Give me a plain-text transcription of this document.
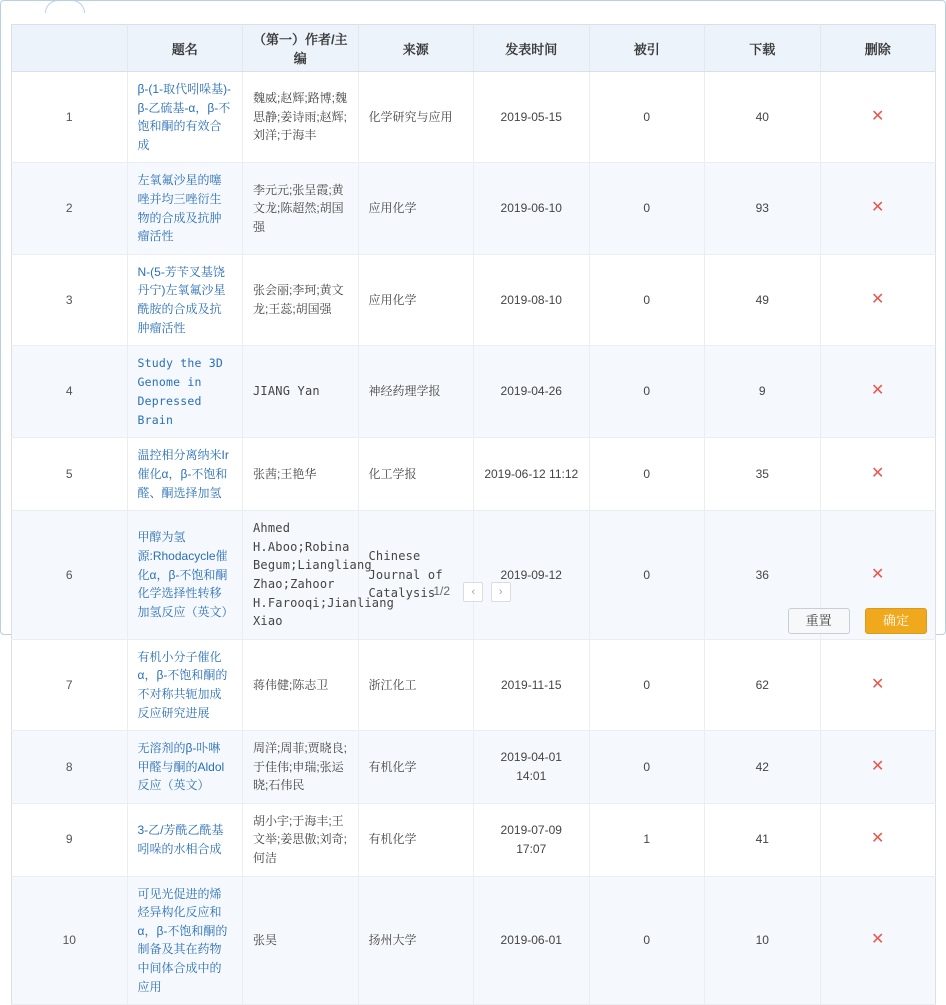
	题名	（第一）作者/主编	来源	发表时间	被引	下载	删除
1	β-(1-取代吲哚基)-β-乙硫基-α，β-不饱和酮的有效合成	魏威;赵辉;路博;魏思静;姜诗雨;赵辉;刘洋;于海丰	化学研究与应用	2019-05-15	0	40	✕
2	左氧氟沙星的噻唑并均三唑衍生物的合成及抗肿瘤活性	李元元;张呈霞;黄文龙;陈超然;胡国强	应用化学	2019-06-10	0	93	✕
3	N-(5-芳苄叉基饶丹宁)左氧氟沙星酰胺的合成及抗肿瘤活性	张会丽;李珂;黄文龙;王蕊;胡国强	应用化学	2019-08-10	0	49	✕
4	Study the 3D Genome in Depressed Brain	JIANG Yan	神经药理学报	2019-04-26	0	9	✕
5	温控相分离纳米Ir催化α，β-不饱和醛、酮选择加氢	张茜;王艳华	化工学报	2019-06-12 11:12	0	35	✕
6	甲醇为氢源:Rhodacycle催化α，β-不饱和酮化学选择性转移加氢反应（英文）	Ahmed H.Aboo;Robina Begum;Liangliang Zhao;Zahoor H.Farooqi;Jianliang Xiao	Chinese Journal of Catalysis	2019-09-12	0	36	✕
7	有机小分子催化α，β-不饱和酮的不对称共轭加成反应研究进展	蒋伟健;陈志卫	浙江化工	2019-11-15	0	62	✕
8	无溶剂的β-卟啉甲醛与酮的Aldol反应（英文）	周洋;周菲;贾晓良;于佳伟;申瑞;张运晓;石伟民	有机化学	2019-04-01 14:01	0	42	✕
9	3-乙/芳酰乙酰基吲哚的水相合成	胡小宇;于海丰;王文举;姜思傲;刘奇;何洁	有机化学	2019-07-09 17:07	1	41	✕
10	可见光促进的烯烃异构化反应和α，β-不饱和酮的制备及其在药物中间体合成中的应用	张昊	扬州大学	2019-06-01	0	10	✕
1/2 ‹ ›
重置	确定
